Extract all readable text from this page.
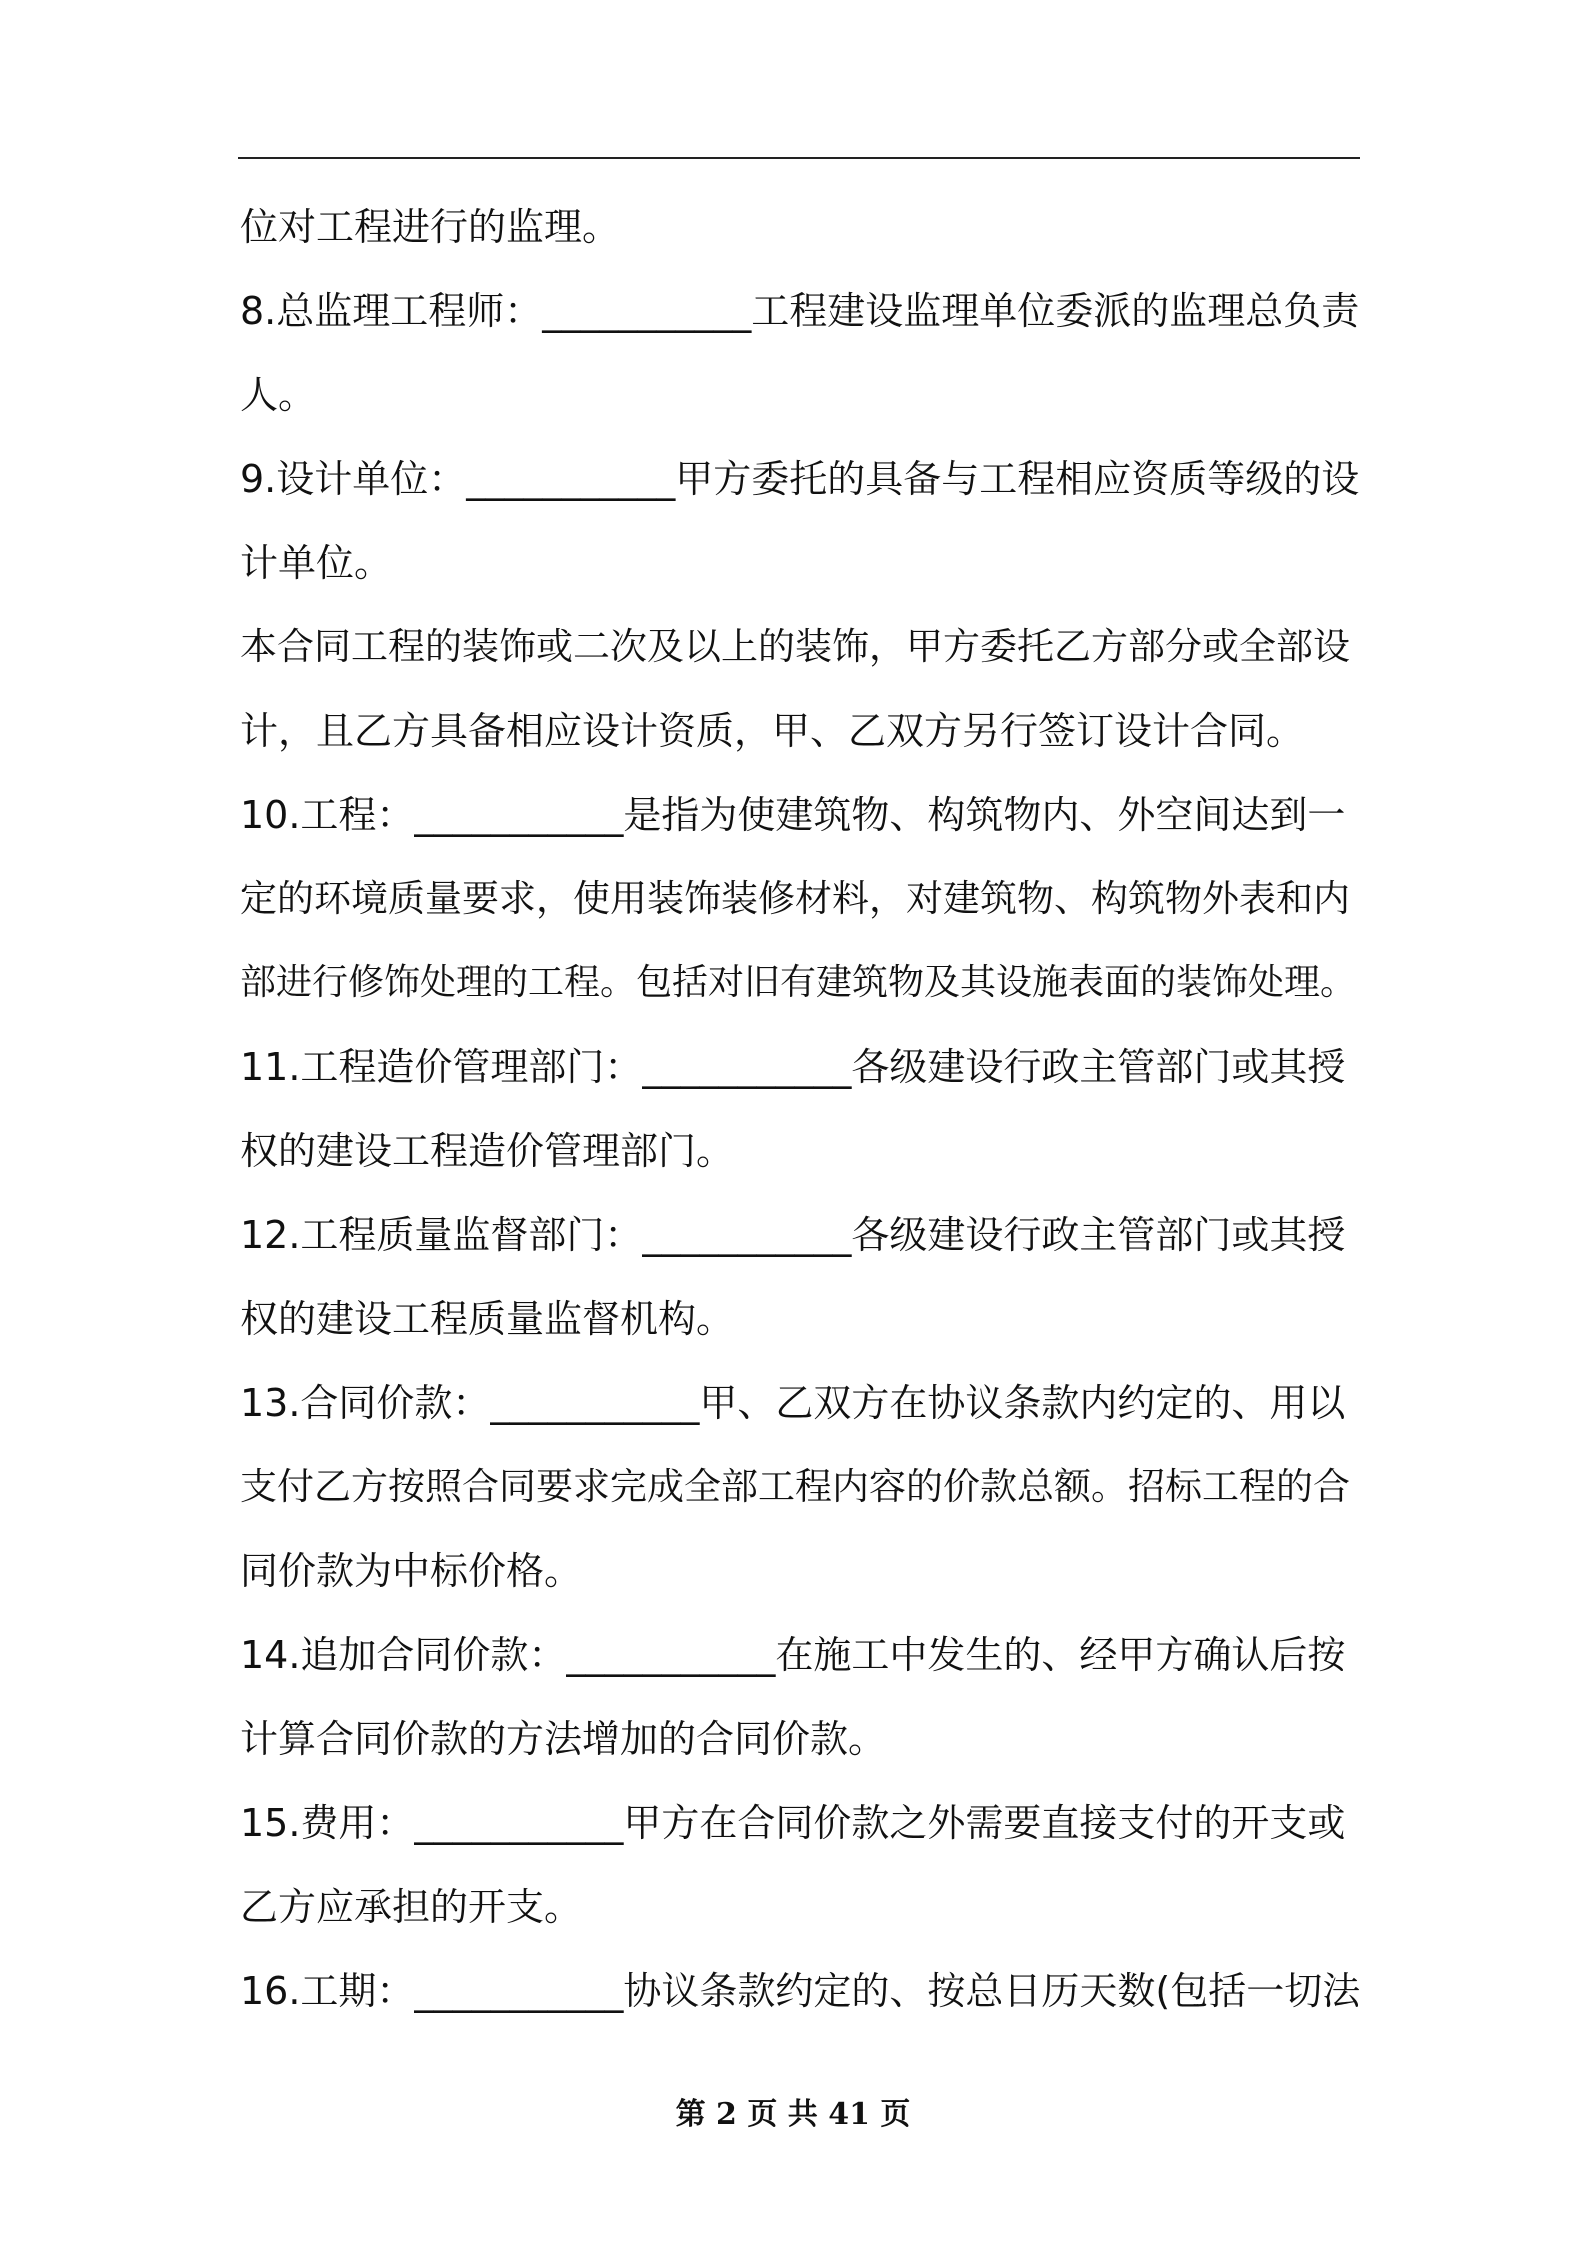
位对工程进行的监理。
8.总监理工程师：___________工程建设监理单位委派的监理总负责
人。
9.设计单位：___________甲方委托的具备与工程相应资质等级的设
计单位。
本合同工程的装饰或二次及以上的装饰，甲方委托乙方部分或全部设
计，且乙方具备相应设计资质，甲、乙双方另行签订设计合同。
10.工程：___________是指为使建筑物、构筑物内、外空间达到一
定的环境质量要求，使用装饰装修材料，对建筑物、构筑物外表和内
部进行修饰处理的工程。包括对旧有建筑物及其设施表面的装饰处理。
11.工程造价管理部门：___________各级建设行政主管部门或其授
权的建设工程造价管理部门。
12.工程质量监督部门：___________各级建设行政主管部门或其授
权的建设工程质量监督机构。
13.合同价款：___________甲、乙双方在协议条款内约定的、用以
支付乙方按照合同要求完成全部工程内容的价款总额。招标工程的合
同价款为中标价格。
14.追加合同价款：___________在施工中发生的、经甲方确认后按
计算合同价款的方法增加的合同价款。
15.费用：___________甲方在合同价款之外需要直接支付的开支或
乙方应承担的开支。
16.工期：___________协议条款约定的、按总日历天数(包括一切法
第 2 页 共 41 页
